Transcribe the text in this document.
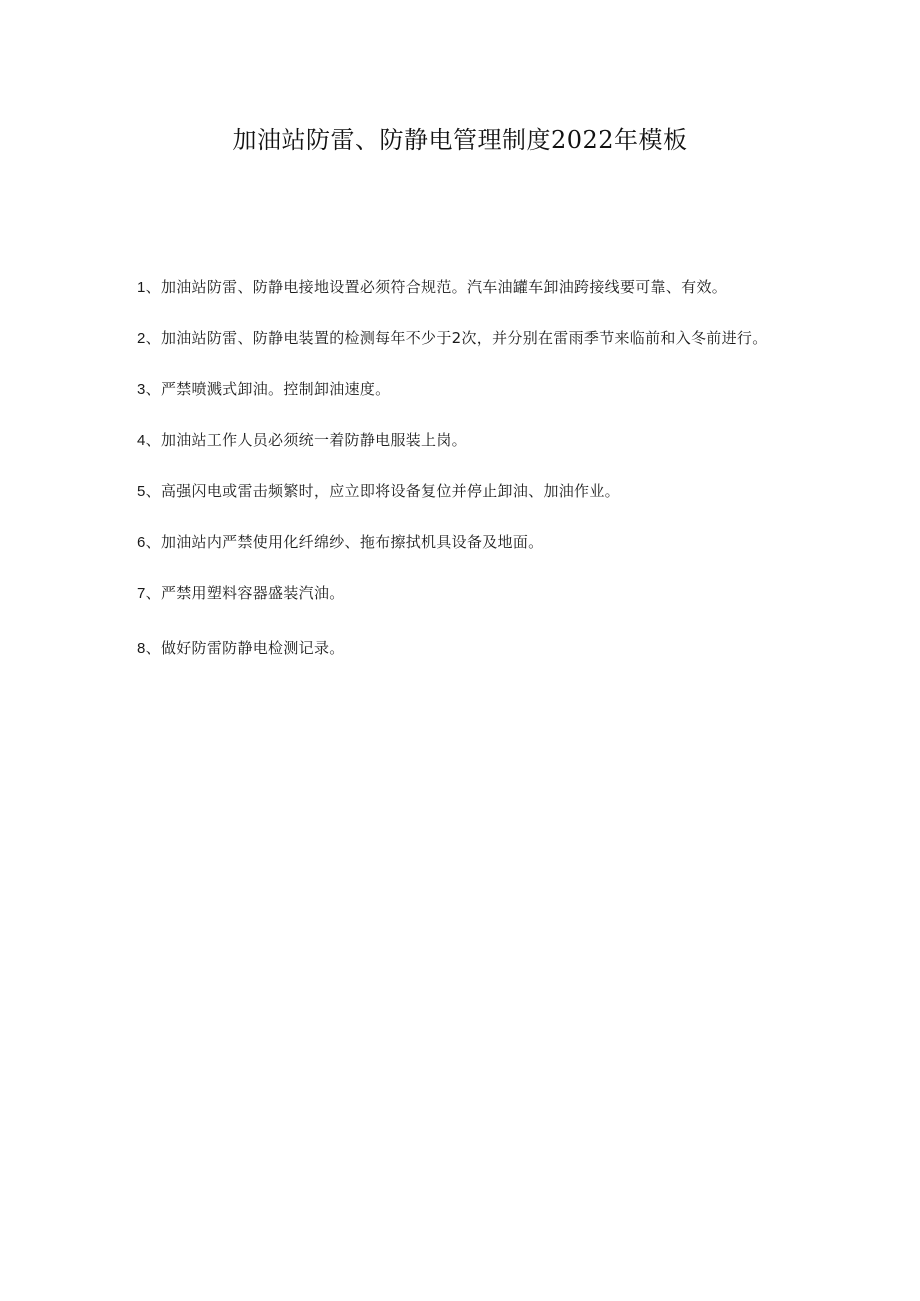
加油站防雷、防静电管理制度2022年模板

1、加油站防雷、防静电接地设置必须符合规范。汽车油罐车卸油跨接线要可靠、有效。

2、加油站防雷、防静电装置的检测每年不少于2次，并分别在雷雨季节来临前和入冬前进行。

3、严禁喷溅式卸油。控制卸油速度。

4、加油站工作人员必须统一着防静电服装上岗。

5、高强闪电或雷击频繁时，应立即将设备复位并停止卸油、加油作业。

6、加油站内严禁使用化纤绵纱、拖布擦拭机具设备及地面。

7、严禁用塑料容器盛装汽油。

8、做好防雷防静电检测记录。
